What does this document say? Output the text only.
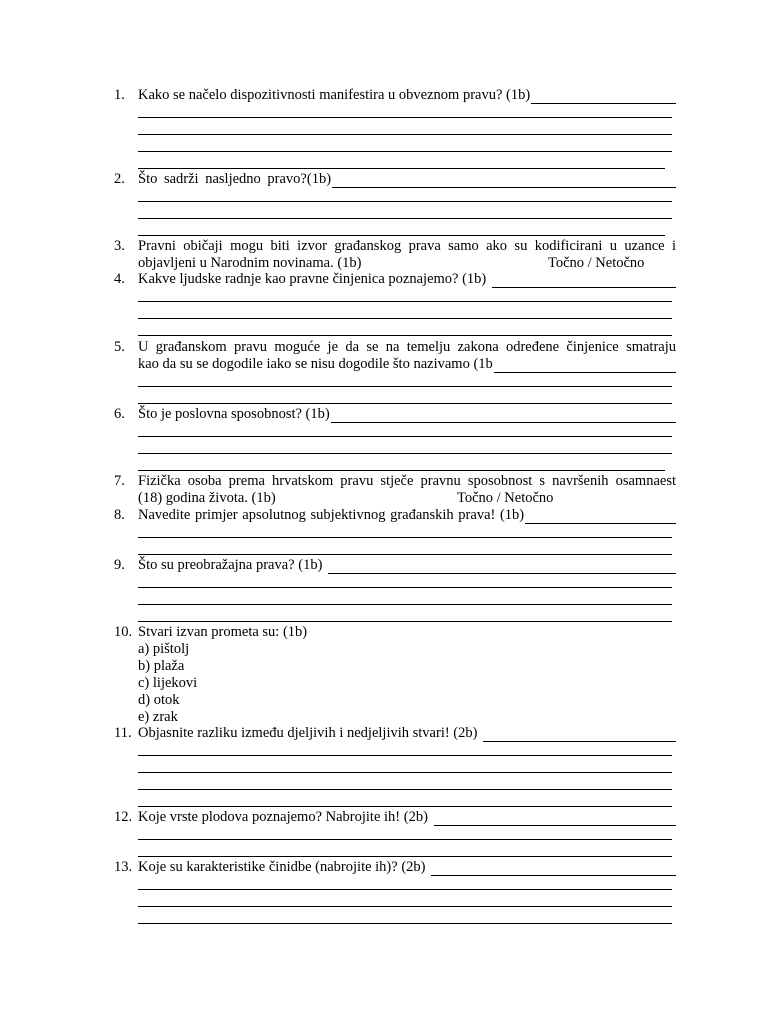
1. Kako se načelo dispozitivnosti manifestira u obveznom pravu? (1b)
2. Što sadrži nasljedno pravo?(1b)
3. Pravni običaji mogu biti izvor građanskog prava samo ako su kodificirani u uzance i
objavljeni u Narodnim novinama. (1b)	Točno / Netočno
4. Kakve ljudske radnje kao pravne činjenica poznajemo? (1b)
5. U građanskom pravu moguće je da se na temelju zakona određene činjenice smatraju
kao da su se dogodile iako se nisu dogodile što nazivamo (1b
6. Što je poslovna sposobnost? (1b)
7. Fizička osoba prema hrvatskom pravu stječe pravnu sposobnost s navršenih osamnaest
(18) godina života. (1b)	Točno / Netočno
8. Navedite primjer apsolutnog subjektivnog građanskih prava! (1b)
9. Što su preobražajna prava? (1b)
10. Stvari izvan prometa su: (1b)
a) pištolj
b) plaža
c) lijekovi
d) otok
e) zrak
11. Objasnite razliku između djeljivih i nedjeljivih stvari! (2b)
12. Koje vrste plodova poznajemo? Nabrojite ih! (2b)
13. Koje su karakteristike činidbe (nabrojite ih)? (2b)
